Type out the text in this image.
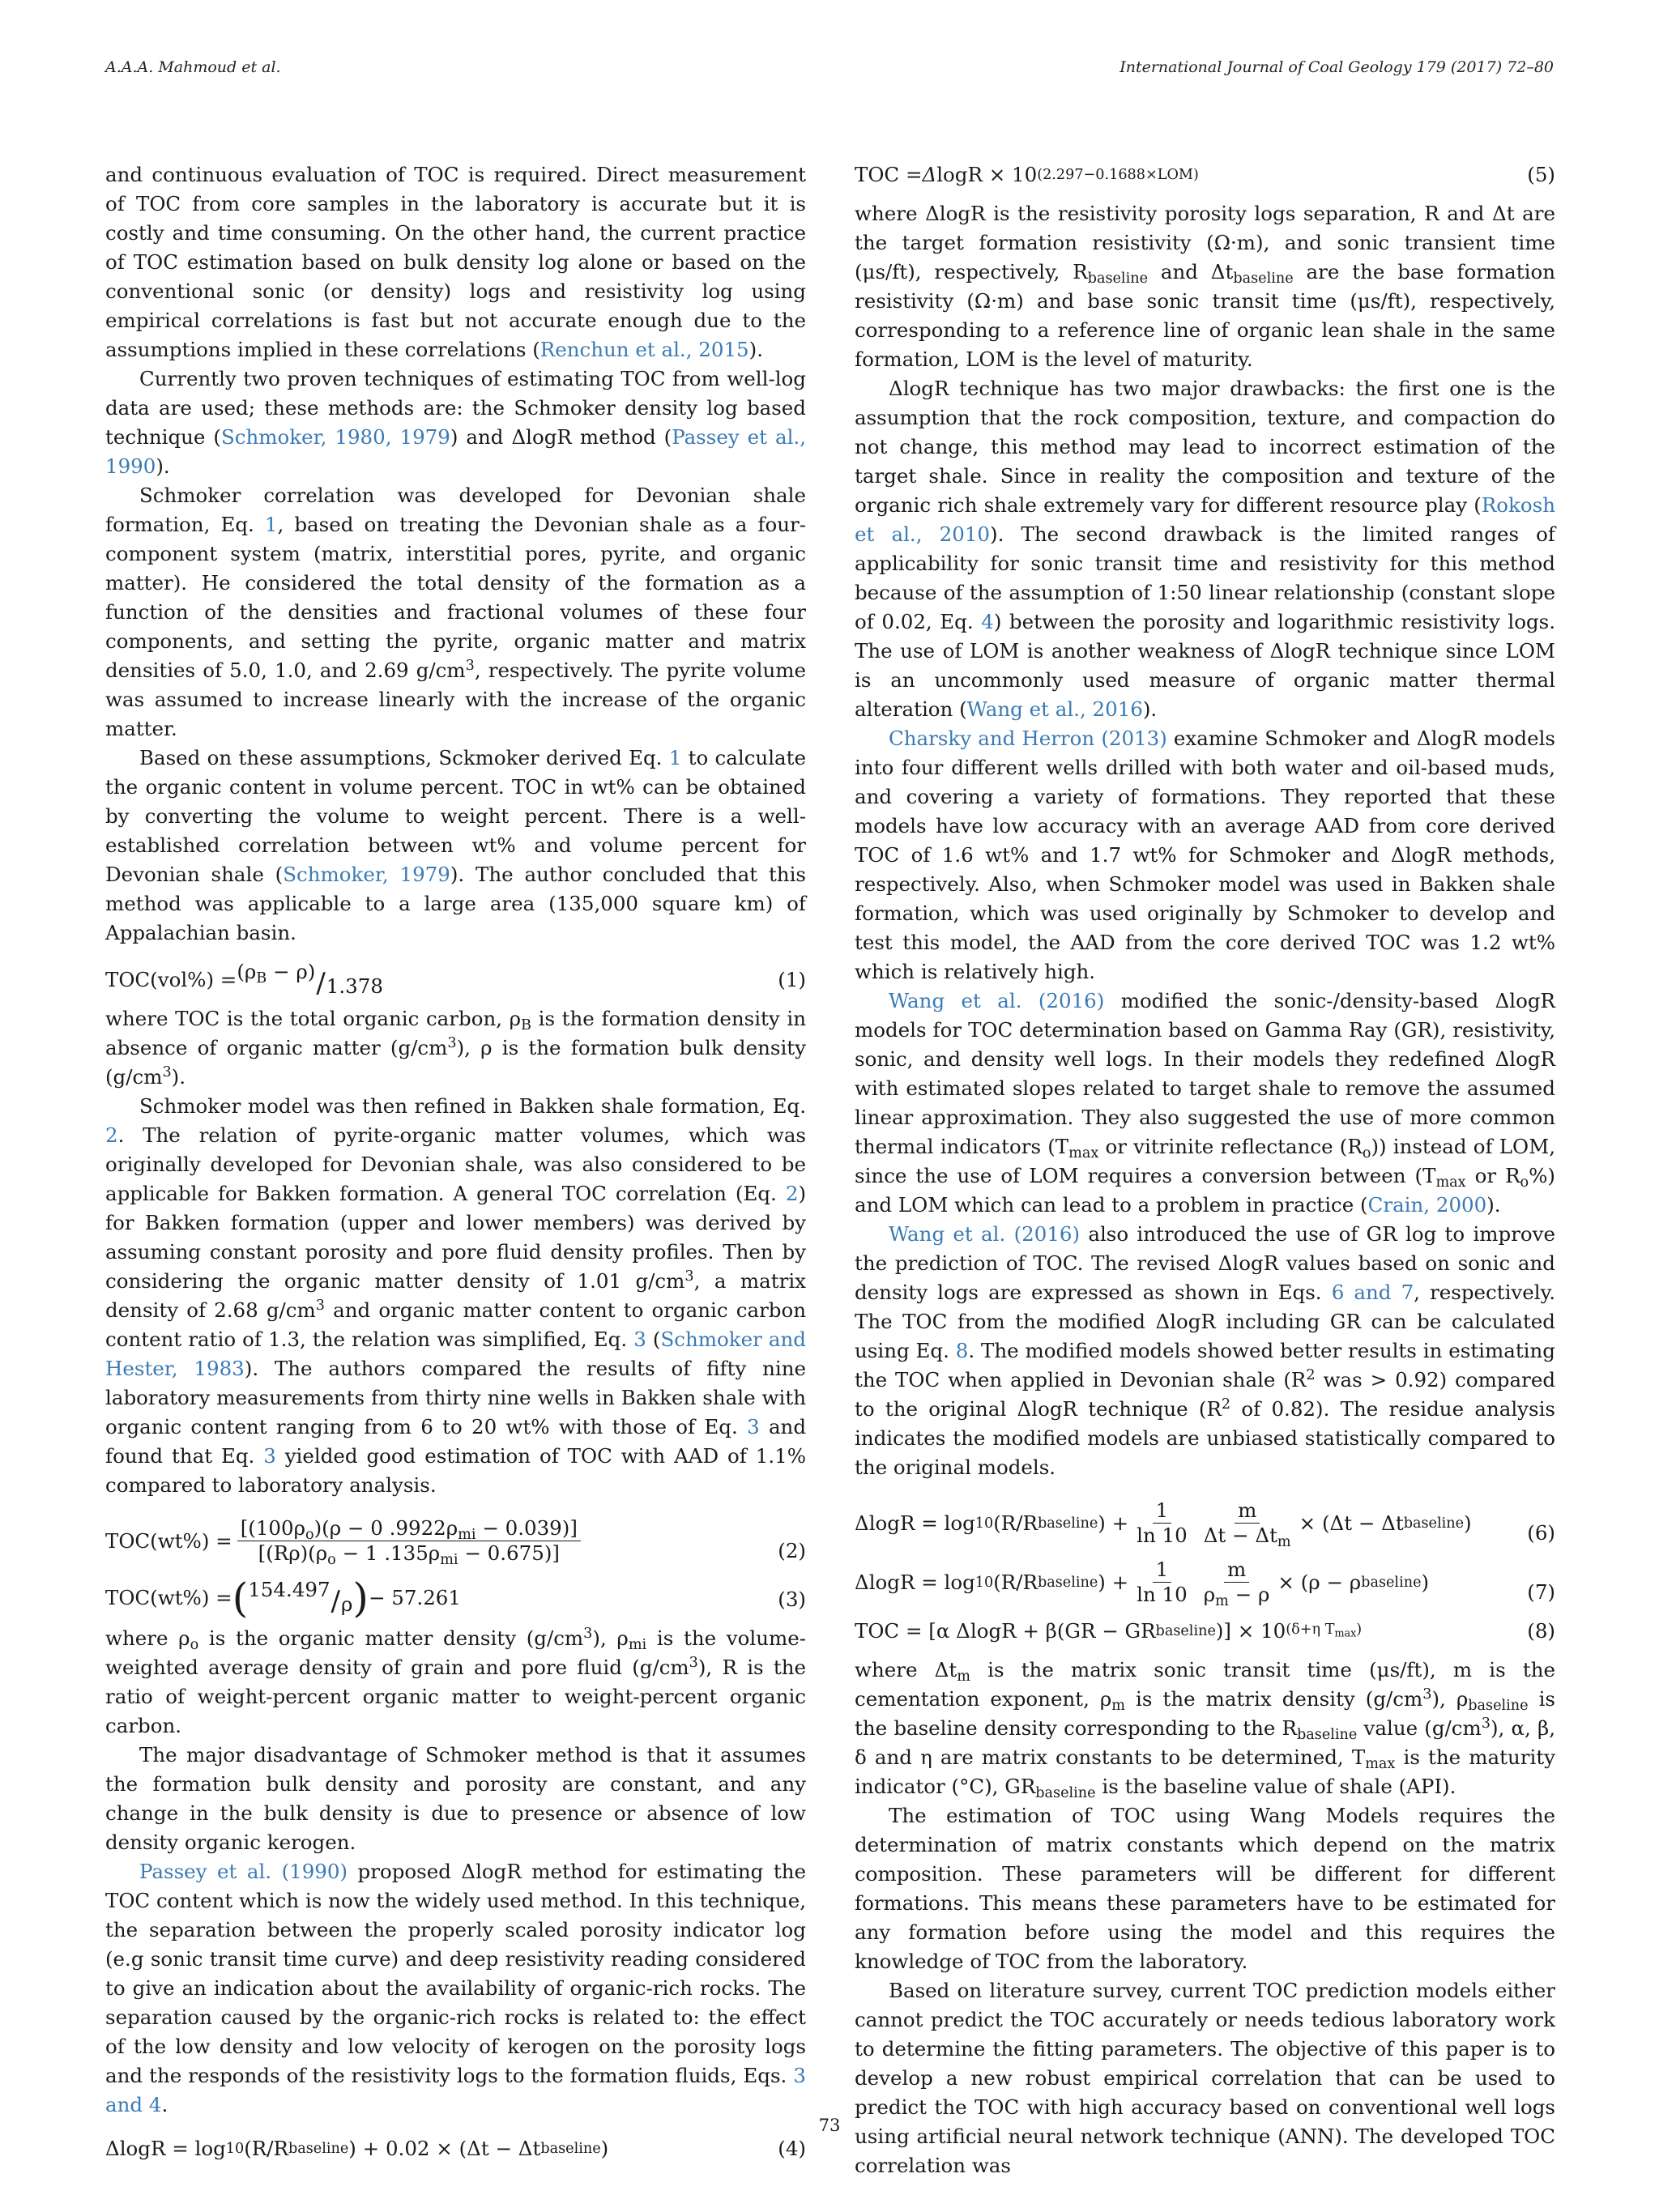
A.A.A. Mahmoud et al.	International Journal of Coal Geology 179 (2017) 72–80

and continuous evaluation of TOC is required. Direct measurement of TOC from core samples in the laboratory is accurate but it is costly and time consuming. On the other hand, the current practice of TOC estimation based on bulk density log alone or based on the conventional sonic (or density) logs and resistivity log using empirical correlations is fast but not accurate enough due to the assumptions implied in these correlations (Renchun et al., 2015).

Currently two proven techniques of estimating TOC from well-log data are used; these methods are: the Schmoker density log based technique (Schmoker, 1980, 1979) and ΔlogR method (Passey et al., 1990).

Schmoker correlation was developed for Devonian shale formation, Eq. 1, based on treating the Devonian shale as a four-component system (matrix, interstitial pores, pyrite, and organic matter). He considered the total density of the formation as a function of the densities and fractional volumes of these four components, and setting the pyrite, organic matter and matrix densities of 5.0, 1.0, and 2.69 $g/cm^3$, respectively. The pyrite volume was assumed to increase linearly with the increase of the organic matter.

Based on these assumptions, Sckmoker derived Eq. 1 to calculate the organic content in volume percent. TOC in wt% can be obtained by converting the volume to weight percent. There is a well-established correlation between wt% and volume percent for Devonian shale (Schmoker, 1979). The author concluded that this method was applicable to a large area (135,000 square km) of Appalachian basin.

$TOC(vol\%) = (\rho_B - \rho) / 1.378$	(1)

where TOC is the total organic carbon, $\rho_B$ is the formation density in absence of organic matter $(g/cm^3)$, ρ is the formation bulk density $(g/cm^3)$.

Schmoker model was then refined in Bakken shale formation, Eq. 2. The relation of pyrite-organic matter volumes, which was originally developed for Devonian shale, was also considered to be applicable for Bakken formation. A general TOC correlation (Eq. 2) for Bakken formation (upper and lower members) was derived by assuming constant porosity and pore fluid density profiles. Then by considering the organic matter density of 1.01 $g/cm^3$, a matrix density of 2.68 $g/cm^3$ and organic matter content to organic carbon content ratio of 1.3, the relation was simplified, Eq. 3 (Schmoker and Hester, 1983). The authors compared the results of fifty nine laboratory measurements from thirty nine wells in Bakken shale with organic content ranging from 6 to 20 wt% with those of Eq. 3 and found that Eq. 3 yielded good estimation of TOC with AAD of 1.1% compared to laboratory analysis.

$TOC(wt\%) = \frac{[(100\rho_o)(\rho - 0 .9922\rho_{mi} - 0.039)]}{[(R\rho)(\rho_o - 1 .135\rho_{mi} - 0.675)]}$	(2)
TOC(wt%) = ( 154.497 / ρ ) − 57.261	(3)

where $\rho_o$ is the organic matter density $(g/cm^3)$, $\rho_{mi}$ is the volume-weighted average density of grain and pore fluid $(g/cm^3)$, R is the ratio of weight-percent organic matter to weight-percent organic carbon.

The major disadvantage of Schmoker method is that it assumes the formation bulk density and porosity are constant, and any change in the bulk density is due to presence or absence of low density organic kerogen.

Passey et al. (1990) proposed ΔlogR method for estimating the TOC content which is now the widely used method. In this technique, the separation between the properly scaled porosity indicator log (e.g sonic transit time curve) and deep resistivity reading considered to give an indication about the availability of organic-rich rocks. The separation caused by the organic-rich rocks is related to: the effect of the low density and low velocity of kerogen on the porosity logs and the responds of the resistivity logs to the formation fluids, Eqs. 3 and 4.

ΔlogR = log 10 (R/R baseline ) + 0.02 × (Δt − Δt baseline )	(4)
TOC = Δ logR × 10 (2.297−0.1688×LOM)	(5)

where ΔlogR is the resistivity porosity logs separation, R and Δt are the target formation resistivity (Ω·m), and sonic transient time (μs/ft), respectively, $R_{baseline}$ and $\Delta t_{baseline}$ are the base formation resistivity (Ω·m) and base sonic transit time (μs/ft), respectively, corresponding to a reference line of organic lean shale in the same formation, LOM is the level of maturity.

ΔlogR technique has two major drawbacks: the first one is the assumption that the rock composition, texture, and compaction do not change, this method may lead to incorrect estimation of the target shale. Since in reality the composition and texture of the organic rich shale extremely vary for different resource play (Rokosh et al., 2010). The second drawback is the limited ranges of applicability for sonic transit time and resistivity for this method because of the assumption of 1:50 linear relationship (constant slope of 0.02, Eq. 4) between the porosity and logarithmic resistivity logs. The use of LOM is another weakness of ΔlogR technique since LOM is an uncommonly used measure of organic matter thermal alteration (Wang et al., 2016).

Charsky and Herron (2013) examine Schmoker and ΔlogR models into four different wells drilled with both water and oil-based muds, and covering a variety of formations. They reported that these models have low accuracy with an average AAD from core derived TOC of 1.6 wt% and 1.7 wt% for Schmoker and ΔlogR methods, respectively. Also, when Schmoker model was used in Bakken shale formation, which was used originally by Schmoker to develop and test this model, the AAD from the core derived TOC was 1.2 wt% which is relatively high.

Wang et al. (2016) modified the sonic-/density-based ΔlogR models for TOC determination based on Gamma Ray (GR), resistivity, sonic, and density well logs. In their models they redefined ΔlogR with estimated slopes related to target shale to remove the assumed linear approximation. They also suggested the use of more common thermal indicators ($T_{max}$ or vitrinite reflectance $(R_o)$) instead of LOM, since the use of LOM requires a conversion between ($T_{max}$ or $R_o\%$) and LOM which can lead to a problem in practice (Crain, 2000).

Wang et al. (2016) also introduced the use of GR log to improve the prediction of TOC. The revised ΔlogR values based on sonic and density logs are expressed as shown in Eqs. 6 and 7, respectively. The TOC from the modified ΔlogR including GR can be calculated using Eq. 8. The modified models showed better results in estimating the TOC when applied in Devonian shale ($R^2$ was > 0.92) compared to the original ΔlogR technique ($R^2$ of 0.82). The residue analysis indicates the modified models are unbiased statistically compared to the original models.

ΔlogR = log 10 (R/R baseline ) + $\frac{1}{\ln 10} \frac{m}{\Delta t - \Delta t_m} \times (\Delta t - \Delta t$ baseline )	(6)
ΔlogR = log 10 (R/R baseline ) + $\frac{1}{\ln 10} \frac{m}{\rho_m - \rho} \times (\rho - \rho$ baseline )	(7)
TOC = [α ΔlogR + β(GR − GR baseline )] × 10 (δ+η $T_{max}$)	(8)

where $\Delta t_m$ is the matrix sonic transit time (μs/ft), m is the cementation exponent, $\rho_m$ is the matrix density $(g/cm^3)$, $\rho_{baseline}$ is the baseline density corresponding to the $R_{baseline}$ value $(g/cm^3)$, α, β, δ and η are matrix constants to be determined, $T_{max}$ is the maturity indicator (°C), $GR_{baseline}$ is the baseline value of shale (API).

The estimation of TOC using Wang Models requires the determination of matrix constants which depend on the matrix composition. These parameters will be different for different formations. This means these parameters have to be estimated for any formation before using the model and this requires the knowledge of TOC from the laboratory.

Based on literature survey, current TOC prediction models either cannot predict the TOC accurately or needs tedious laboratory work to determine the fitting parameters. The objective of this paper is to develop a new robust empirical correlation that can be used to predict the TOC with high accuracy based on conventional well logs using artificial neural network technique (ANN). The developed TOC correlation was

73
